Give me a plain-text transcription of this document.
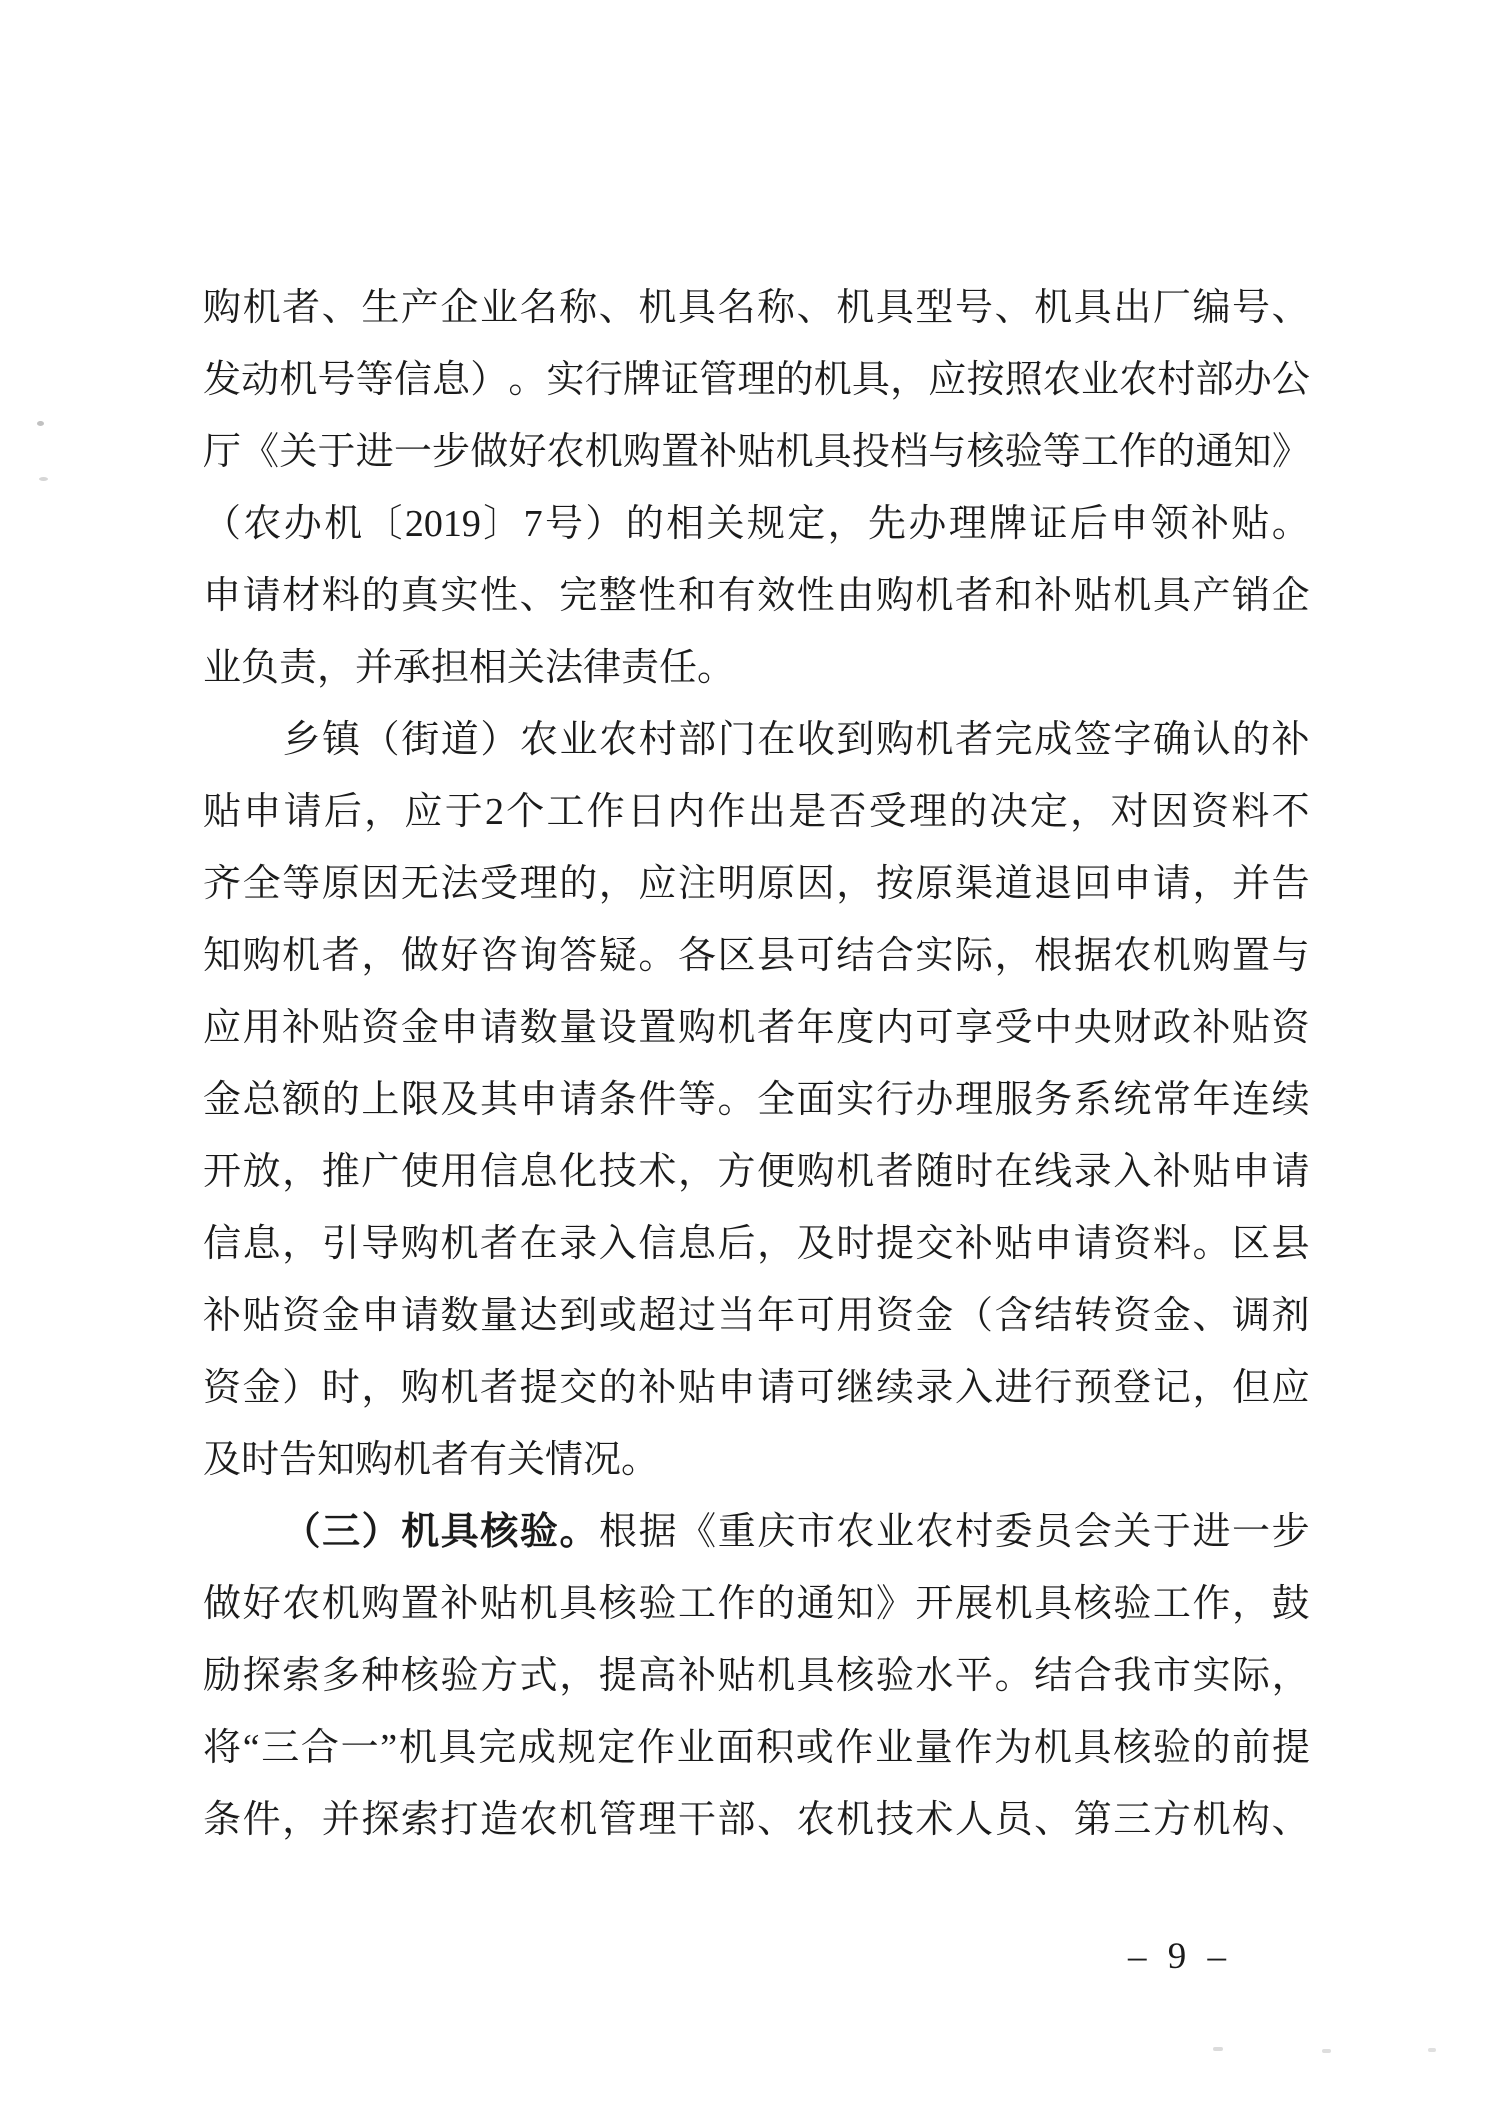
购 机 者 、 生 产 企 业 名 称 、 机 具 名 称 、 机 具 型 号 、 机 具 出 厂 编 号 、
发 动 机 号 等 信 息 ） 。 实 行 牌 证 管 理 的 机 具 ， 应 按 照 农 业 农 村 部 办 公
厅 《 关 于 进 一 步 做 好 农 机 购 置 补 贴 机 具 投 档 与 核 验 等 工 作 的 通 知 》
（ 农 办 机 〔 2019 〕 7 号 ） 的 相 关 规 定 ， 先 办 理 牌 证 后 申 领 补 贴 。
申 请 材 料 的 真 实 性 、 完 整 性 和 有 效 性 由 购 机 者 和 补 贴 机 具 产 销 企
业负责，并承担相关法律责任。
乡 镇 （ 街 道 ） 农 业 农 村 部 门 在 收 到 购 机 者 完 成 签 字 确 认 的 补
贴 申 请 后 ， 应 于 2 个 工 作 日 内 作 出 是 否 受 理 的 决 定 ， 对 因 资 料 不
齐 全 等 原 因 无 法 受 理 的 ， 应 注 明 原 因 ， 按 原 渠 道 退 回 申 请 ， 并 告
知 购 机 者 ， 做 好 咨 询 答 疑 。 各 区 县 可 结 合 实 际 ， 根 据 农 机 购 置 与
应 用 补 贴 资 金 申 请 数 量 设 置 购 机 者 年 度 内 可 享 受 中 央 财 政 补 贴 资
金 总 额 的 上 限 及 其 申 请 条 件 等 。 全 面 实 行 办 理 服 务 系 统 常 年 连 续
开 放 ， 推 广 使 用 信 息 化 技 术 ， 方 便 购 机 者 随 时 在 线 录 入 补 贴 申 请
信 息 ， 引 导 购 机 者 在 录 入 信 息 后 ， 及 时 提 交 补 贴 申 请 资 料 。 区 县
补 贴 资 金 申 请 数 量 达 到 或 超 过 当 年 可 用 资 金 （ 含 结 转 资 金 、 调 剂
资 金 ） 时 ， 购 机 者 提 交 的 补 贴 申 请 可 继 续 录 入 进 行 预 登 记 ， 但 应
及时告知购机者有关情况。
（ 三 ） 机 具 核 验 。 根 据 《 重 庆 市 农 业 农 村 委 员 会 关 于 进 一 步
做 好 农 机 购 置 补 贴 机 具 核 验 工 作 的 通 知 》 开 展 机 具 核 验 工 作 ， 鼓
励 探 索 多 种 核 验 方 式 ， 提 高 补 贴 机 具 核 验 水 平 。 结 合 我 市 实 际 ，
将 “ 三 合 一 ” 机 具 完 成 规 定 作 业 面 积 或 作 业 量 作 为 机 具 核 验 的 前 提
条 件 ， 并 探 索 打 造 农 机 管 理 干 部 、 农 机 技 术 人 员 、 第 三 方 机 构 、
– 9 –
